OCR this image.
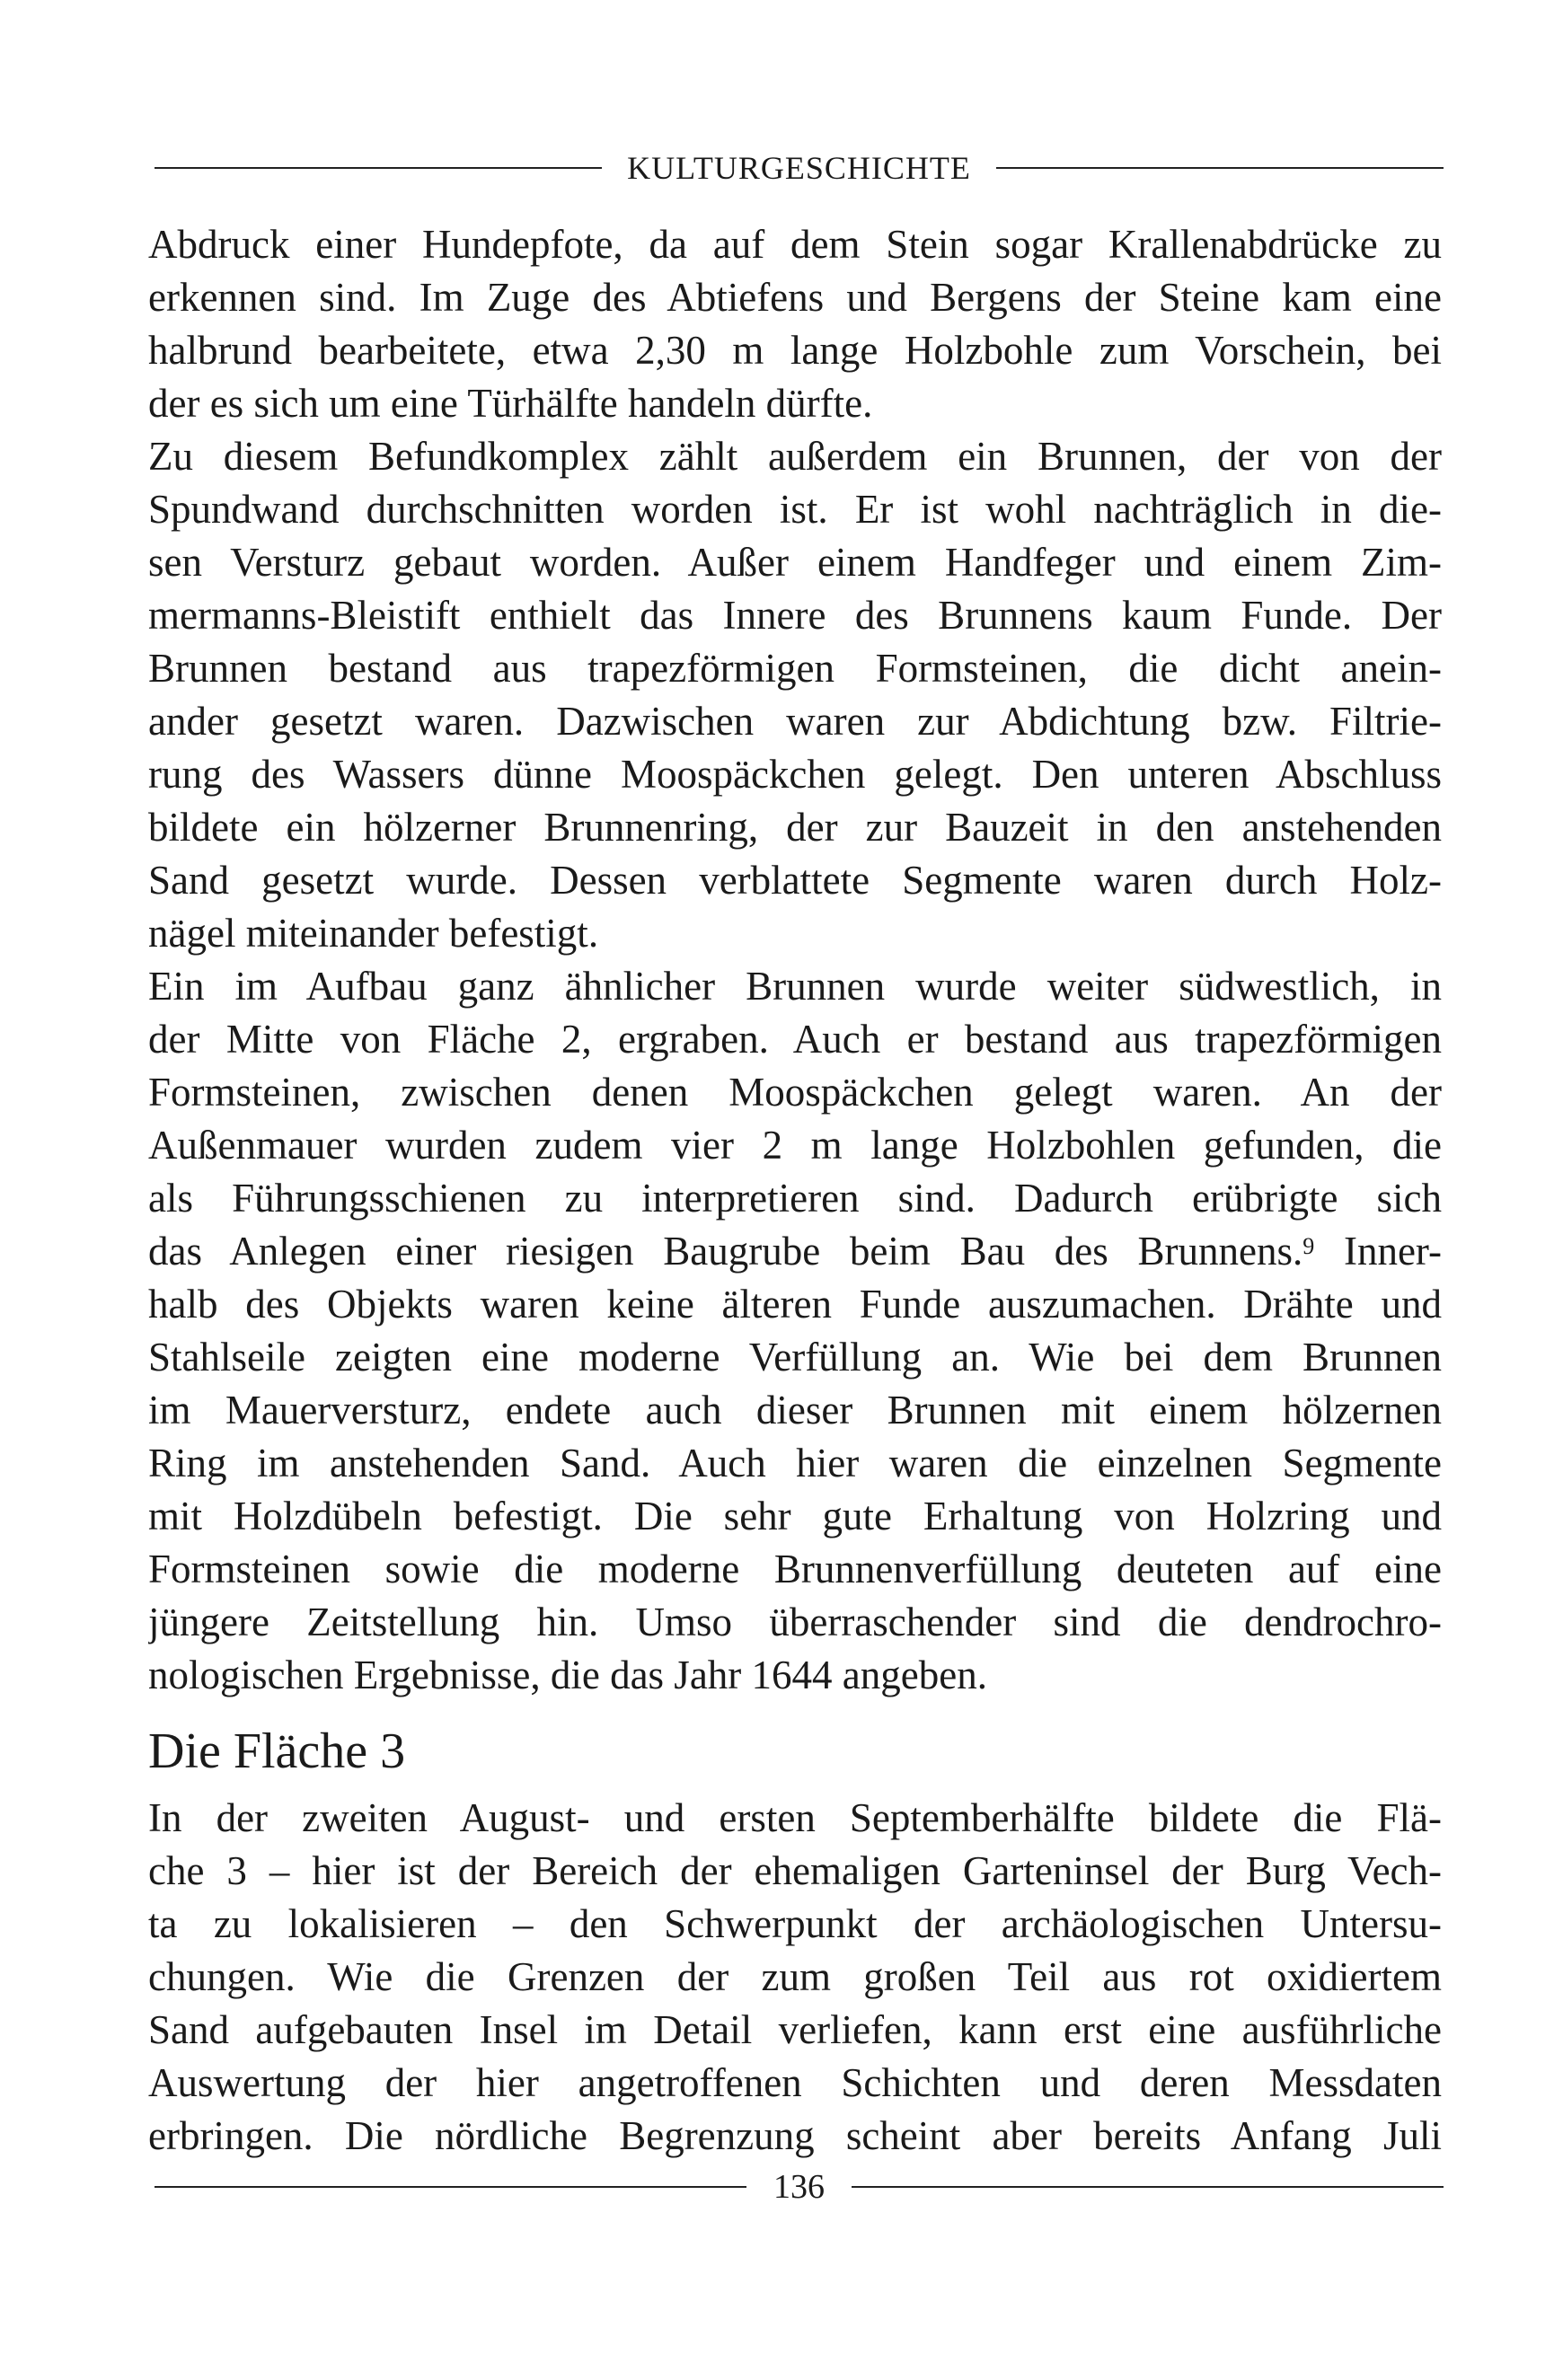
KULTURGESCHICHTE
Abdruck einer Hundepfote, da auf dem Stein sogar Krallenabdrücke zu
erkennen sind. Im Zuge des Abtiefens und Bergens der Steine kam eine
halbrund bearbeitete, etwa 2,30 m lange Holzbohle zum Vorschein, bei
der es sich um eine Türhälfte handeln dürfte.
Zu diesem Befundkomplex zählt außerdem ein Brunnen, der von der
Spundwand durchschnitten worden ist. Er ist wohl nachträglich in die-
sen Versturz gebaut worden. Außer einem Handfeger und einem Zim-
mermanns-Bleistift enthielt das Innere des Brunnens kaum Funde. Der
Brunnen bestand aus trapezförmigen Formsteinen, die dicht anein-
ander gesetzt waren. Dazwischen waren zur Abdichtung bzw. Filtrie-
rung des Wassers dünne Moospäckchen gelegt. Den unteren Abschluss
bildete ein hölzerner Brunnenring, der zur Bauzeit in den anstehenden
Sand gesetzt wurde. Dessen verblattete Segmente waren durch Holz-
nägel miteinander befestigt.
Ein im Aufbau ganz ähnlicher Brunnen wurde weiter südwestlich, in
der Mitte von Fläche 2, ergraben. Auch er bestand aus trapezförmigen
Formsteinen, zwischen denen Moospäckchen gelegt waren. An der
Außenmauer wurden zudem vier 2 m lange Holzbohlen gefunden, die
als Führungsschienen zu interpretieren sind. Dadurch erübrigte sich
das Anlegen einer riesigen Baugrube beim Bau des Brunnens.$^9$ Inner-
halb des Objekts waren keine älteren Funde auszumachen. Drähte und
Stahlseile zeigten eine moderne Verfüllung an. Wie bei dem Brunnen
im Mauerversturz, endete auch dieser Brunnen mit einem hölzernen
Ring im anstehenden Sand. Auch hier waren die einzelnen Segmente
mit Holzdübeln befestigt. Die sehr gute Erhaltung von Holzring und
Formsteinen sowie die moderne Brunnenverfüllung deuteten auf eine
jüngere Zeitstellung hin. Umso überraschender sind die dendrochro-
nologischen Ergebnisse, die das Jahr 1644 angeben.
Die Fläche 3
In der zweiten August- und ersten Septemberhälfte bildete die Flä-
che 3 – hier ist der Bereich der ehemaligen Garteninsel der Burg Vech-
ta zu lokalisieren – den Schwerpunkt der archäologischen Untersu-
chungen. Wie die Grenzen der zum großen Teil aus rot oxidiertem
Sand aufgebauten Insel im Detail verliefen, kann erst eine ausführliche
Auswertung der hier angetroffenen Schichten und deren Messdaten
erbringen. Die nördliche Begrenzung scheint aber bereits Anfang Juli
136
